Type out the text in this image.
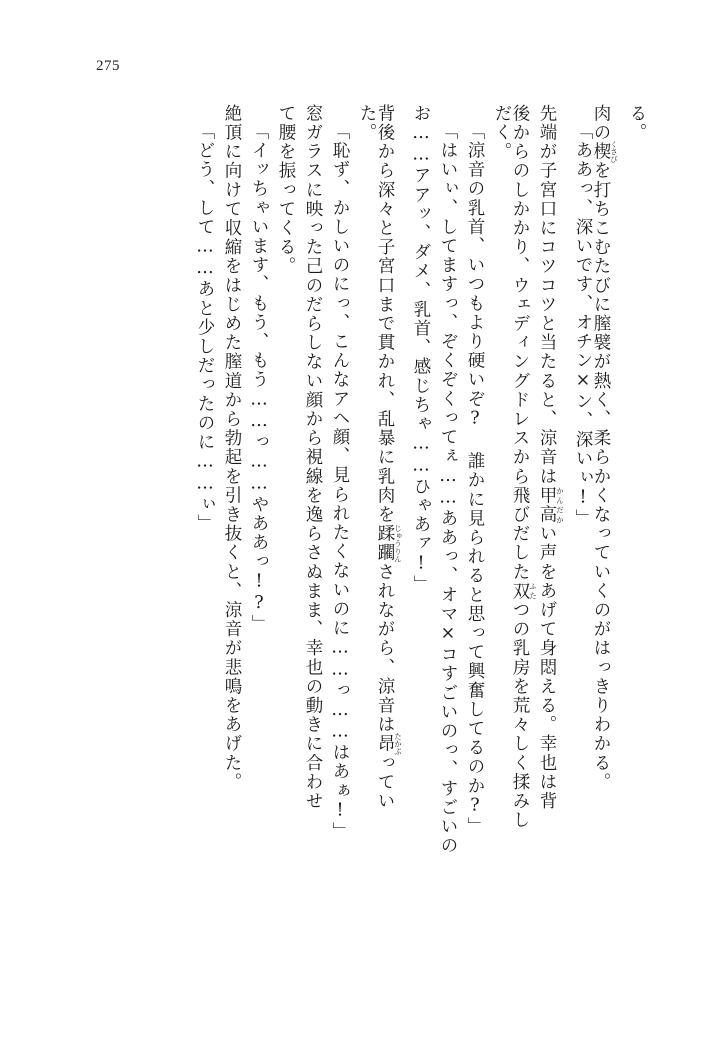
275
る。
肉の楔くさびを打ちこむたびに膣襞が熱く、柔らかくなっていくのがはっきりわかる。
「ああっ、深いです、オチン×ン、深いぃ!」
先端が子宮口にコツコツと当たると、涼音は甲高かんだかい声をあげて身悶える。幸也は背
後からのしかかり、ウェディングドレスから飛びだした双ふたつの乳房を荒々しく揉みし
だく。
「涼音の乳首、いつもより硬いぞ? 誰かに見られると思って興奮してるのか?」
「はいぃ、してますっ、ぞくぞくってぇ……ああっ、オマ×コすごいのっ、すごいの
お……アアッ、ダメ、乳首、感じちゃ……ひゃあァ!」
背後から深々と子宮口まで貫かれ、乱暴に乳肉を蹂躙じゅうりんされながら、涼音は昂たかぶってい
た。
「恥ず、かしいのにっ、こんなアヘ顔、見られたくないのに……っ……はあぁ!」
窓ガラスに映った己のだらしない顔から視線を逸らさぬまま、幸也の動きに合わせ
て腰を振ってくる。
「イッちゃいます、もう、もう……っ……やああっ!?」
絶頂に向けて収縮をはじめた膣道から勃起を引き抜くと、涼音が悲鳴をあげた。
「どう、して……あと少しだったのに……ぃ」
